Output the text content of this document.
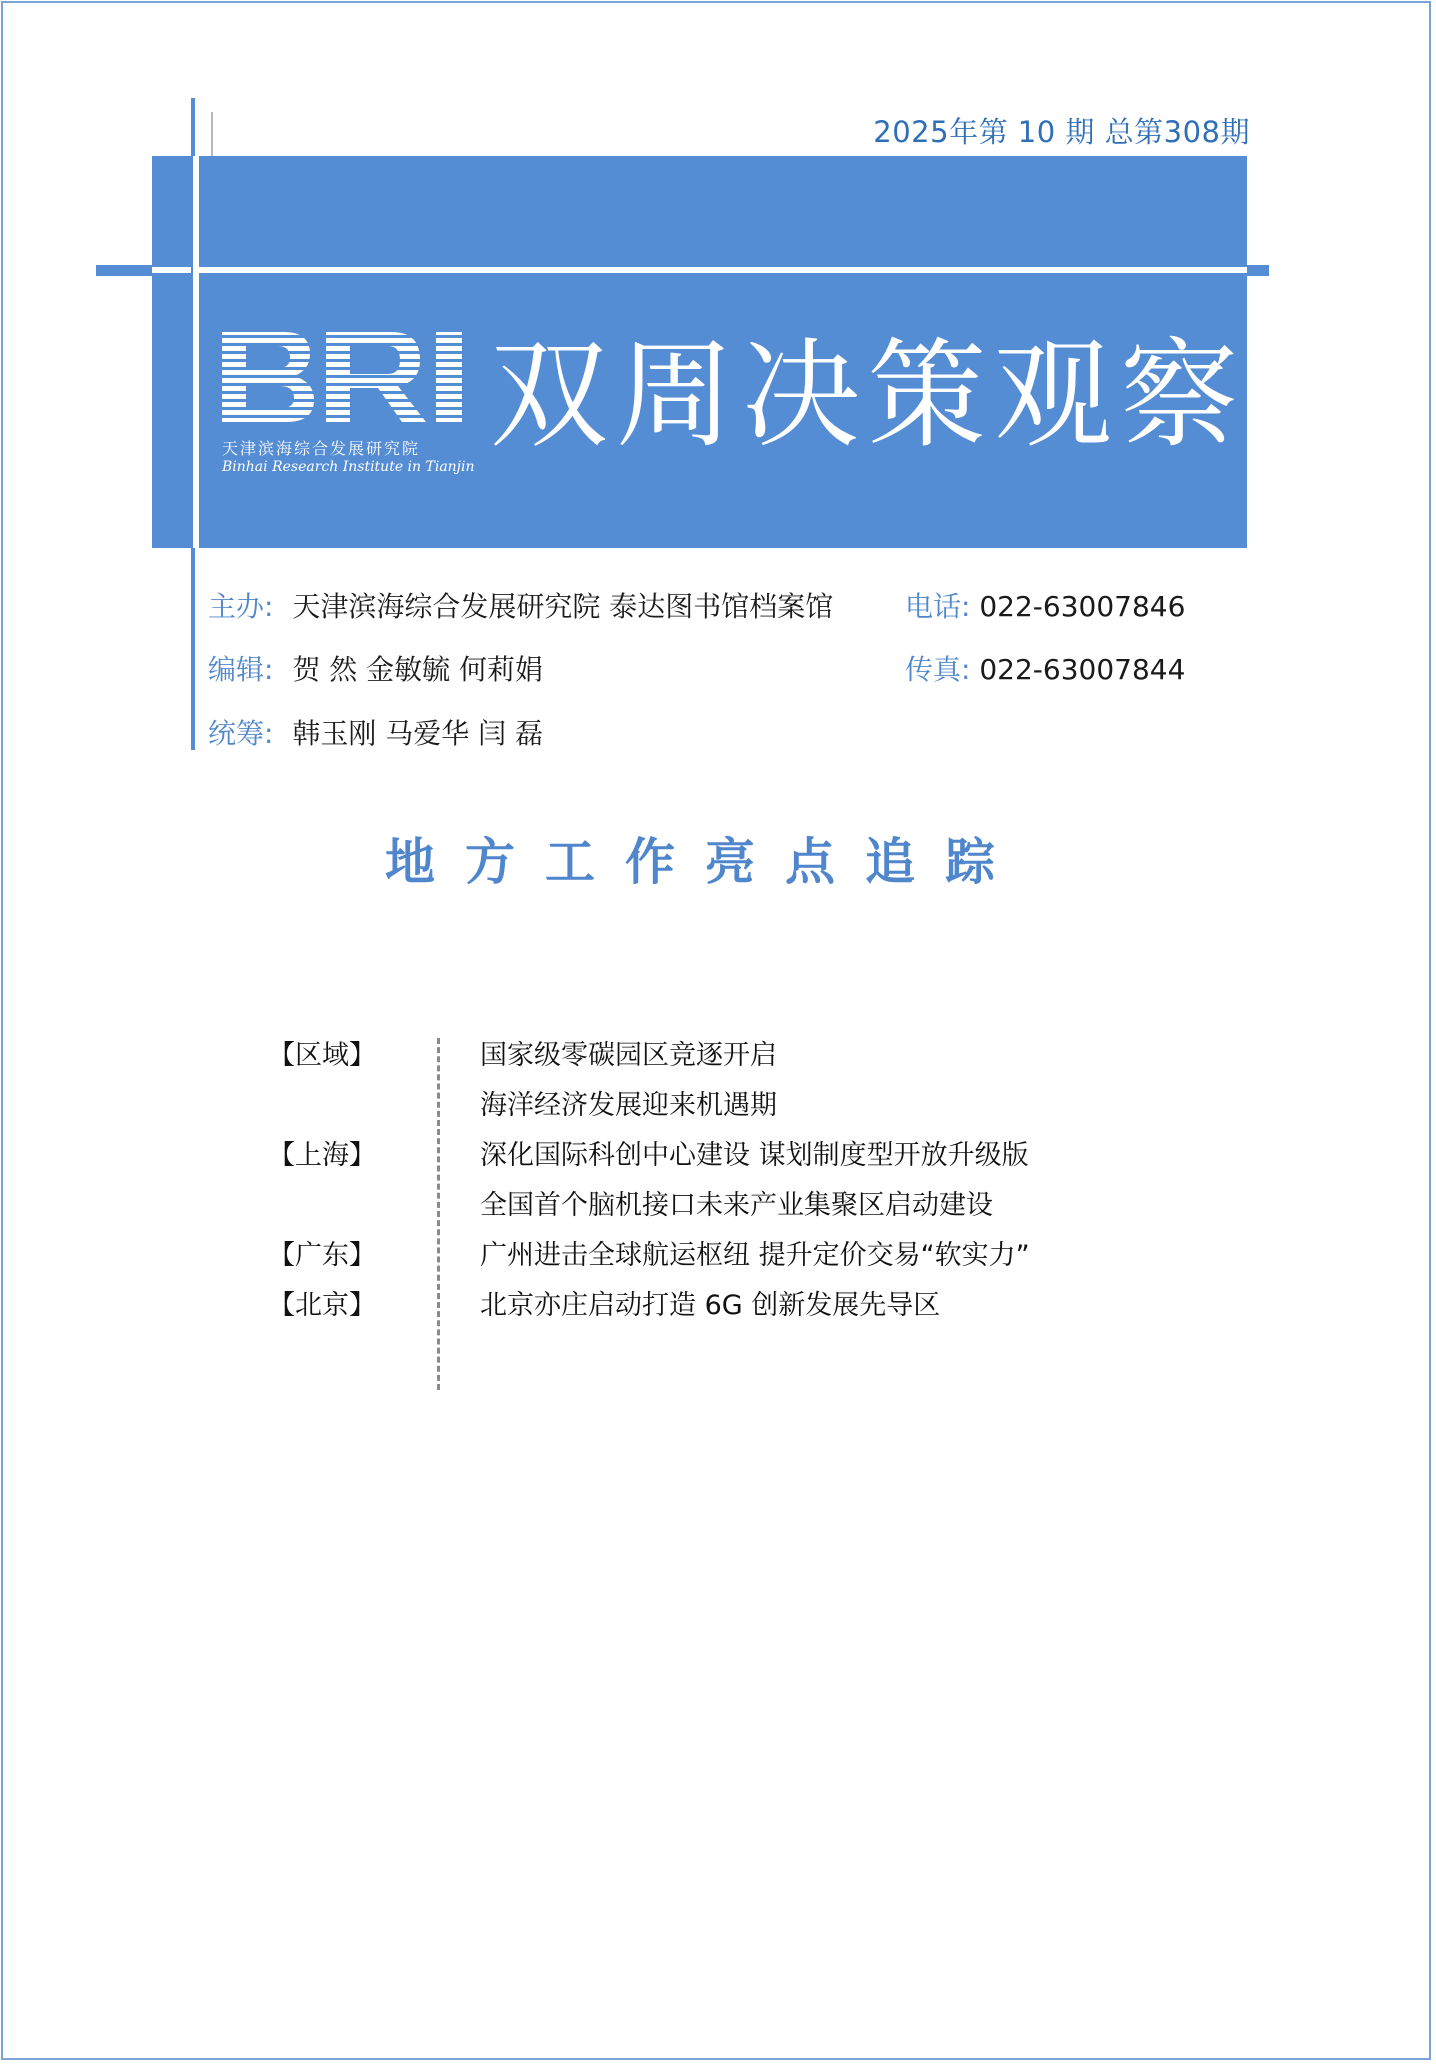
2025年第 10 期 总第308期
天津滨海综合发展研究院
Binhai Research Institute in Tianjin
双周决策观察
主办: 天津滨海综合发展研究院 泰达图书馆档案馆	电话: 022-63007846
编辑: 贺 然 金敏毓 何莉娟	传真: 022-63007844
统筹: 韩玉刚 马爱华 闫 磊
地方工作亮点追踪
【区域】	国家级零碳园区竞逐开启
海洋经济发展迎来机遇期
【上海】	深化国际科创中心建设 谋划制度型开放升级版
全国首个脑机接口未来产业集聚区启动建设
【广东】	广州进击全球航运枢纽 提升定价交易“软实力”
【北京】	北京亦庄启动打造 6G 创新发展先导区
